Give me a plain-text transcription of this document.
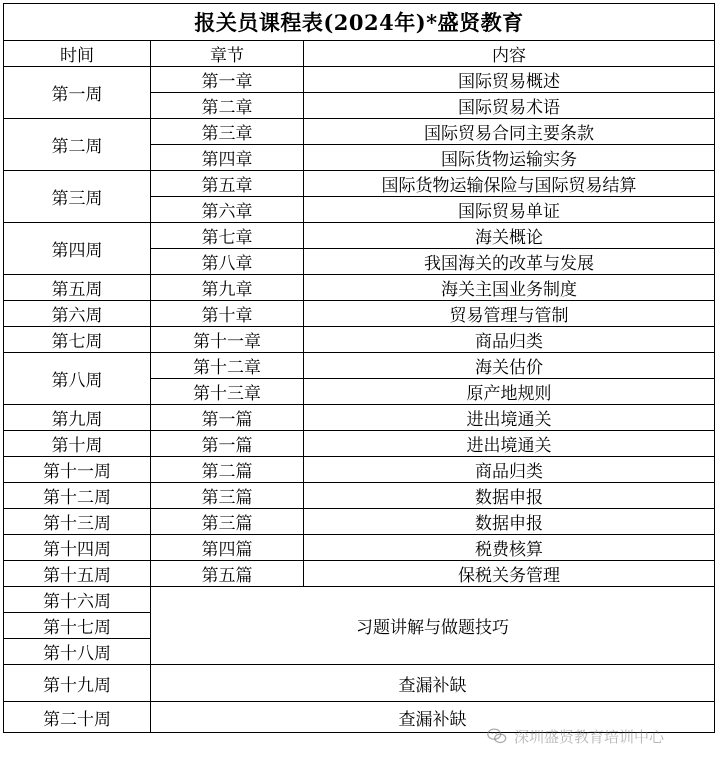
报关员课程表(2024年)*盛贤教育		
时间	章节	内容
第一周	第一章	国际贸易概述
	第二章	国际贸易术语
第二周	第三章	国际贸易合同主要条款
	第四章	国际货物运输实务
第三周	第五章	国际货物运输保险与国际贸易结算
	第六章	国际贸易单证
第四周	第七章	海关概论
	第八章	我国海关的改革与发展
第五周	第九章	海关主国业务制度
第六周	第十章	贸易管理与管制
第七周	第十一章	商品归类
第八周	第十二章	海关估价
	第十三章	原产地规则
第九周	第一篇	进出境通关
第十周	第一篇	进出境通关
第十一周	第二篇	商品归类
第十二周	第三篇	数据申报
第十三周	第三篇	数据申报
第十四周	第四篇	税费核算
第十五周	第五篇	保税关务管理
第十六周	习题讲解与做题技巧	
第十七周		
第十八周		
第十九周	查漏补缺	
第二十周	查漏补缺	
深圳盛贤教育培训中心
